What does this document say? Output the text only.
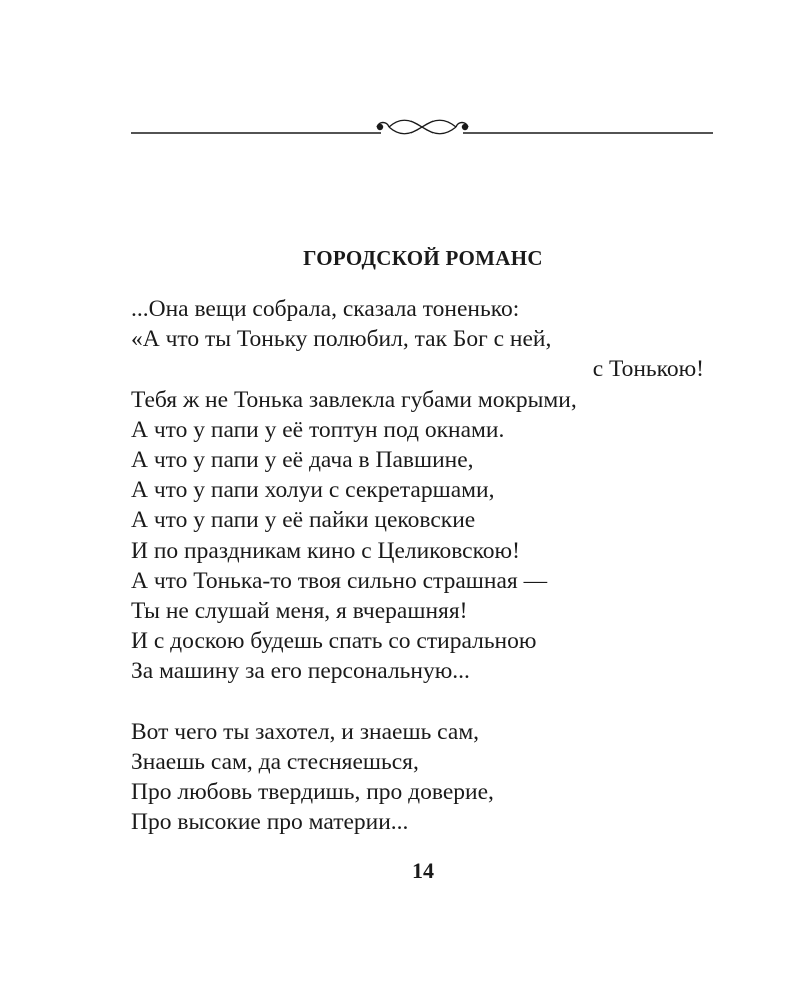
ГОРОДСКОЙ РОМАНС

...Она вещи собрала, сказала тоненько:
«А что ты Тоньку полюбил, так Бог с ней,
с Тонькою!
Тебя ж не Тонька завлекла губами мокрыми,
А что у папи у её топтун под окнами.
А что у папи у её дача в Павшине,
А что у папи холуи с секретаршами,
А что у папи у её пайки цековские
И по праздникам кино с Целиковскою!
А что Тонька-то твоя сильно страшная —
Ты не слушай меня, я вчерашняя!
И с доскою будешь спать со стиральною
За машину за его персональную...

Вот чего ты захотел, и знаешь сам,
Знаешь сам, да стесняешься,
Про любовь твердишь, про доверие,
Про высокие про материи...

14
